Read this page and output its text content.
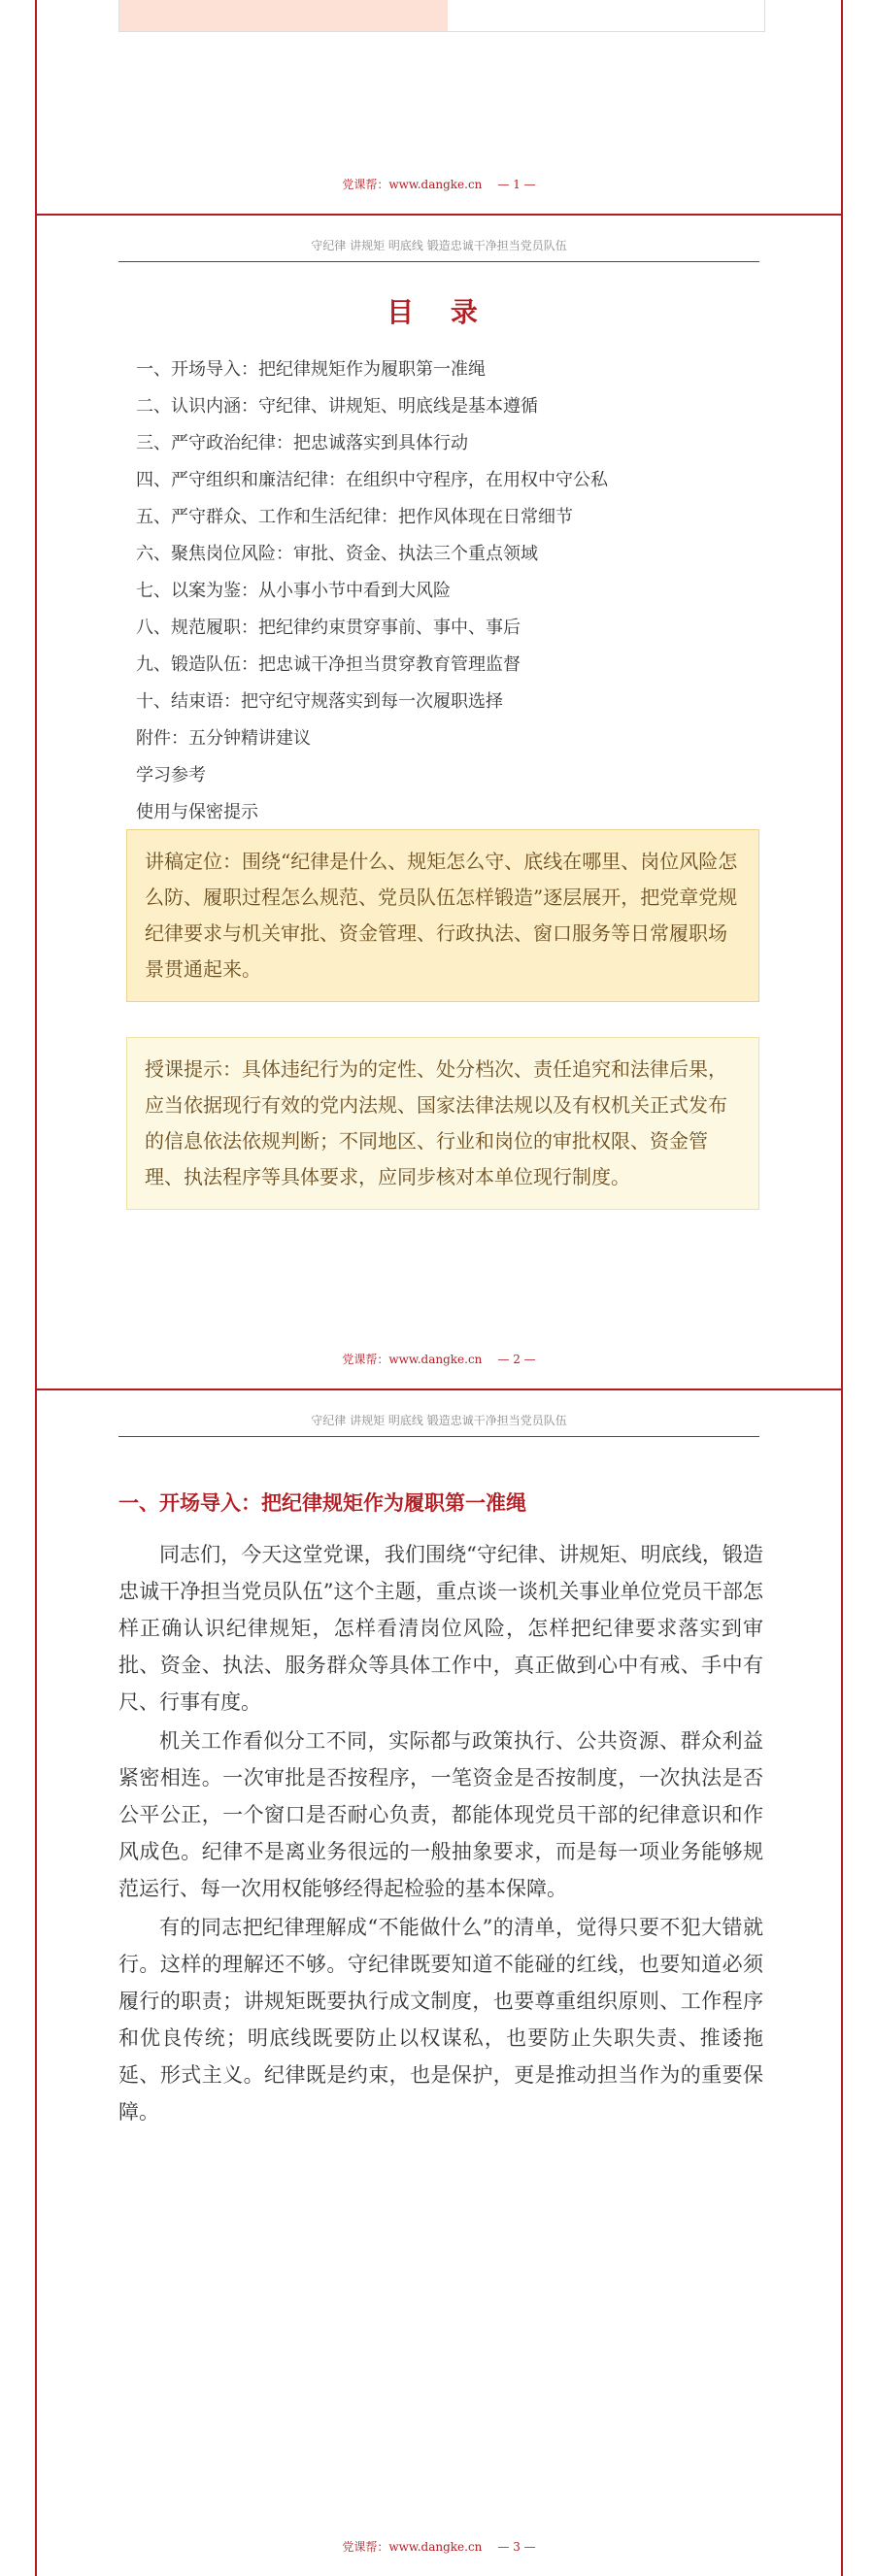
党课帮：www.dangke.cn — 1 —
守纪律 讲规矩 明底线 锻造忠诚干净担当党员队伍
目 录
一、开场导入：把纪律规矩作为履职第一准绳
二、认识内涵：守纪律、讲规矩、明底线是基本遵循
三、严守政治纪律：把忠诚落实到具体行动
四、严守组织和廉洁纪律：在组织中守程序，在用权中守公私
五、严守群众、工作和生活纪律：把作风体现在日常细节
六、聚焦岗位风险：审批、资金、执法三个重点领域
七、以案为鉴：从小事小节中看到大风险
八、规范履职：把纪律约束贯穿事前、事中、事后
九、锻造队伍：把忠诚干净担当贯穿教育管理监督
十、结束语：把守纪守规落实到每一次履职选择
附件：五分钟精讲建议
学习参考
使用与保密提示
讲稿定位：围绕“纪律是什么、规矩怎么守、底线在哪里、岗位风险怎么防、履职过程怎么规范、党员队伍怎样锻造”逐层展开，把党章党规纪律要求与机关审批、资金管理、行政执法、窗口服务等日常履职场景贯通起来。
授课提示：具体违纪行为的定性、处分档次、责任追究和法律后果，应当依据现行有效的党内法规、国家法律法规以及有权机关正式发布的信息依法依规判断；不同地区、行业和岗位的审批权限、资金管理、执法程序等具体要求，应同步核对本单位现行制度。
党课帮：www.dangke.cn — 2 —
守纪律 讲规矩 明底线 锻造忠诚干净担当党员队伍
一、开场导入：把纪律规矩作为履职第一准绳

同志们，今天这堂党课，我们围绕“守纪律、讲规矩、明底线，锻造忠诚干净担当党员队伍”这个主题，重点谈一谈机关事业单位党员干部怎样正确认识纪律规矩，怎样看清岗位风险，怎样把纪律要求落实到审批、资金、执法、服务群众等具体工作中，真正做到心中有戒、手中有尺、行事有度。

机关工作看似分工不同，实际都与政策执行、公共资源、群众利益紧密相连。一次审批是否按程序，一笔资金是否按制度，一次执法是否公平公正，一个窗口是否耐心负责，都能体现党员干部的纪律意识和作风成色。纪律不是离业务很远的一般抽象要求，而是每一项业务能够规范运行、每一次用权能够经得起检验的基本保障。

有的同志把纪律理解成“不能做什么”的清单，觉得只要不犯大错就行。这样的理解还不够。守纪律既要知道不能碰的红线，也要知道必须履行的职责；讲规矩既要执行成文制度，也要尊重组织原则、工作程序和优良传统；明底线既要防止以权谋私，也要防止失职失责、推诿拖延、形式主义。纪律既是约束，也是保护，更是推动担当作为的重要保障。

党课帮：www.dangke.cn — 3 —
